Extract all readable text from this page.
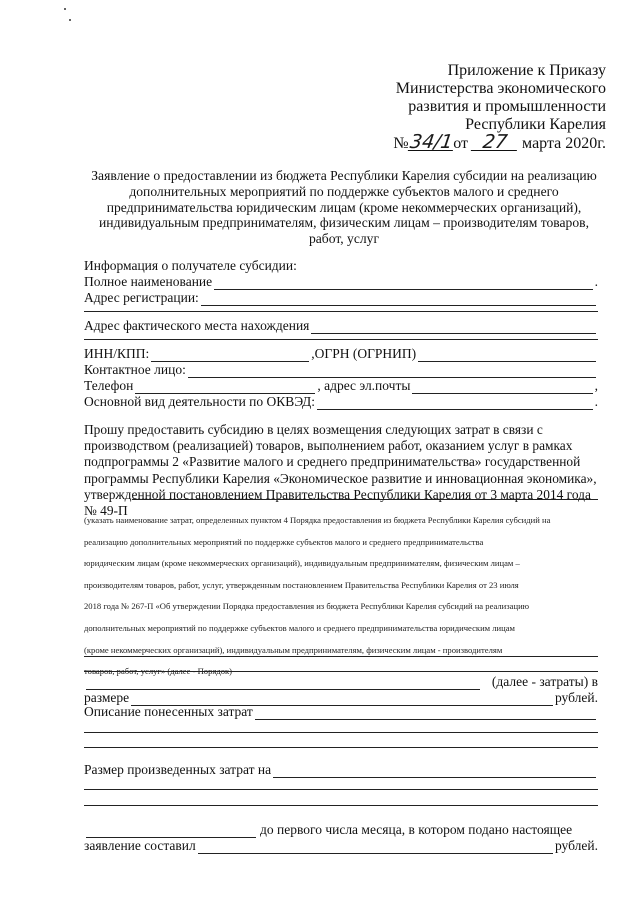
Приложение к Приказу
Министерства экономического
развития и промышленности
Республики Карелия
№34/1от 27 марта 2020г.
Заявление о предоставлении из бюджета Республики Карелия субсидии на реализацию
дополнительных мероприятий по поддержке субъектов малого и среднего
предпринимательства юридическим лицам (кроме некоммерческих организаций),
индивидуальным предпринимателям, физическим лицам – производителям товаров,
работ, услуг
Информация о получателе субсидии:
Полное наименование	.
Адрес регистрации:
Адрес фактического места нахождения
ИНН/КПП:	,ОГРН (ОГРНИП)
Контактное лицо:
Телефон	, адрес эл.почты	,
Основной вид деятельности по ОКВЭД:	.
Прошу предоставить субсидию в целях возмещения следующих затрат в связи с
производством (реализацией) товаров, выполнением работ, оказанием услуг в рамках
подпрограммы 2 «Развитие малого и среднего предпринимательства» государственной
программы Республики Карелия «Экономическое развитие и инновационная экономика»,
утвержденной постановлением Правительства Республики Карелия от 3 марта 2014 года
№ 49-П
(указать наименование затрат, определенных пунктом 4 Порядка предоставления из бюджета Республики Карелия субсидий на
реализацию дополнительных мероприятий по поддержке субъектов малого и среднего предпринимательства
юридическим лицам (кроме некоммерческих организаций), индивидуальным предпринимателям, физическим лицам –
производителям товаров, работ, услуг, утвержденным постановлением Правительства Республики Карелия от 23 июля
2018 года № 267-П «Об утверждении Порядка предоставления из бюджета Республики Карелия субсидий на реализацию
дополнительных мероприятий по поддержке субъектов малого и среднего предпринимательства юридическим лицам
(кроме некоммерческих организаций), индивидуальным предпринимателям, физическим лицам - производителям
товаров, работ, услуг» (далее - Порядок)
(далее - затраты) в
размере	рублей.
Описание понесенных затрат
Размер произведенных затрат на
до первого числа месяца, в котором подано настоящее
заявление составил	рублей.
